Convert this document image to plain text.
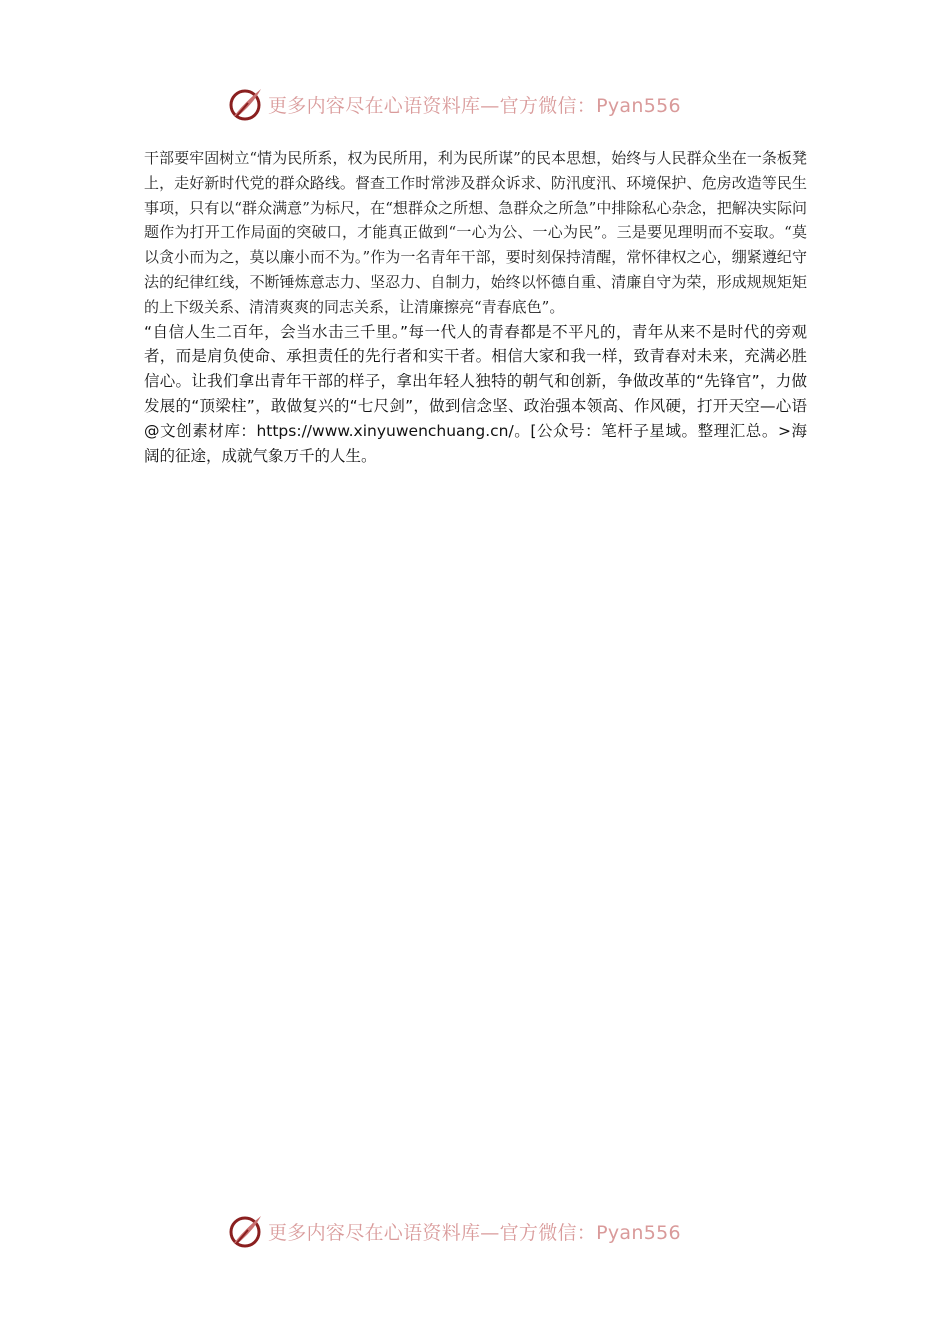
更多内容尽在心语资料库—官方微信：Pyan556

干部要牢固树立“情为民所系，权为民所用，利为民所谋”的民本思想，始终与人民群众坐在一条板凳上，走好新时代党的群众路线。督查工作时常涉及群众诉求、防汛度汛、环境保护、危房改造等民生事项，只有以“群众满意”为标尺，在“想群众之所想、急群众之所急”中排除私心杂念，把解决实际问题作为打开工作局面的突破口，才能真正做到“一心为公、一心为民”。三是要见理明而不妄取。“莫以贪小而为之，莫以廉小而不为。”作为一名青年干部，要时刻保持清醒，常怀律权之心，绷紧遵纪守法的纪律红线，不断锤炼意志力、坚忍力、自制力，始终以怀德自重、清廉自守为荣，形成规规矩矩的上下级关系、清清爽爽的同志关系，让清廉擦亮“青春底色”。

“自信人生二百年，会当水击三千里。”每一代人的青春都是不平凡的，青年从来不是时代的旁观者，而是肩负使命、承担责任的先行者和实干者。相信大家和我一样，致青春对未来，充满必胜信心。让我们拿出青年干部的样子，拿出年轻人独特的朝气和创新，争做改革的“先锋官”，力做发展的“顶梁柱”，敢做复兴的“七尺剑”，做到信念坚、政治强本领高、作风硬，打开天空—心语@文创素材库：https://www.xinyuwenchuang.cn/。[公众号：笔杆子星域。整理汇总。>海阔的征途，成就气象万千的人生。

更多内容尽在心语资料库—官方微信：Pyan556
